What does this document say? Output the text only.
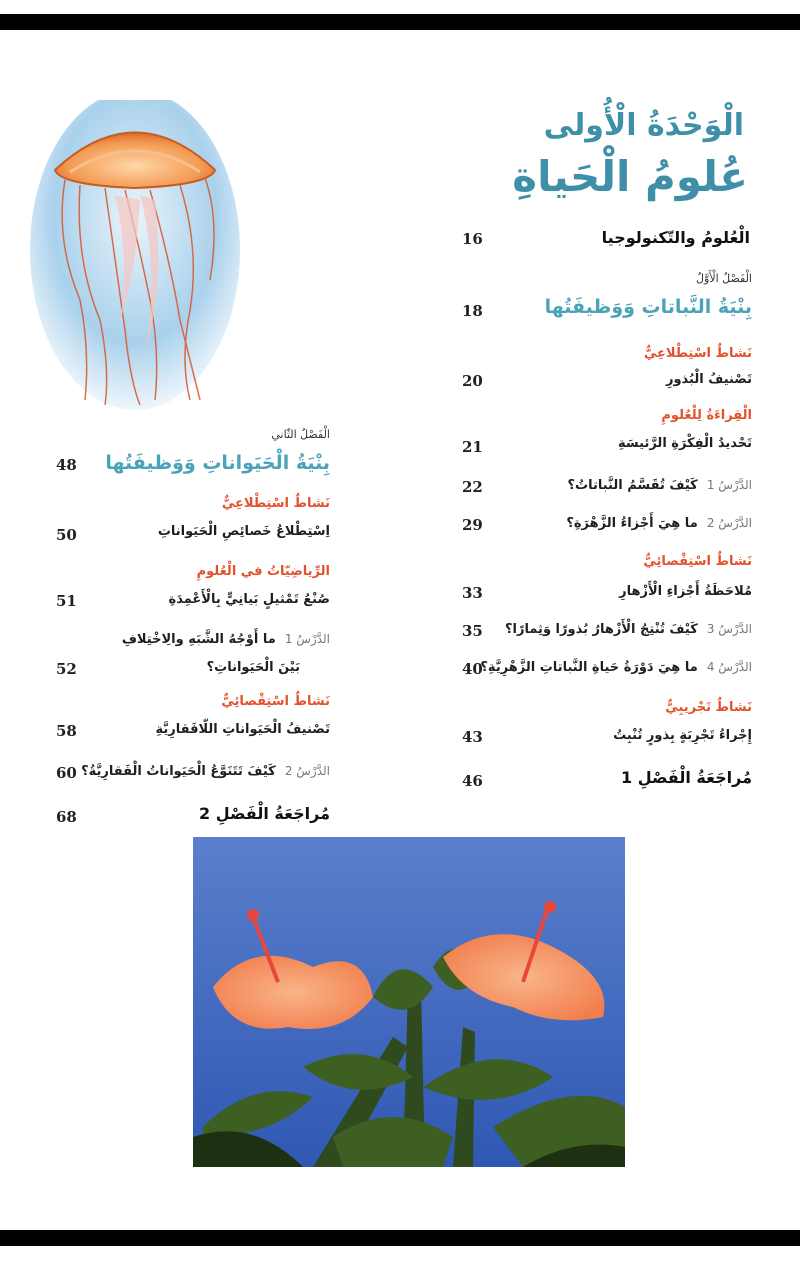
الْوَحْدَةُ الْأُولى
عُلومُ الْحَياةِ
الْعُلومُ والتّكنولوجيا
16
الْفَصْلُ الْأَوَّلُ
بِنْيَةُ النَّباتاتِ وَوَظيفَتُها
18
نَشاطٌ اسْتِطْلاعِيٌّ
تَصْنيفُ الْبُذورِ
20
الْقِراءَةُ لِلْعُلومِ
تَحْديدُ الْفِكْرَةِ الرَّئيسَةِ
21
الدَّرْسُ 1  كَيْفَ تُقَسَّمُ النَّباتاتُ؟
22
الدَّرْسُ 2  ما هِيَ أَجْزاءُ الزَّهْرَةِ؟
29
نَشاطٌ اسْتِقْصائِيٌّ
مُلاحَظَةُ أَجْزاءِ الْأَزْهارِ
33
الدَّرْسُ 3  كَيْفَ تُنْتِجُ الْأَزْهارُ بُذورًا وَثِمارًا؟
35
الدَّرْسُ 4  ما هِيَ دَوْرَةُ حَياةِ النَّباتاتِ الزَّهْرِيَّةِ؟
40
نَشاطٌ تَجْريبِيٌّ
إِجْراءُ تَجْرِبَةٍ بِذورٍ تُنْبِتُ
43
مُراجَعَةُ الْفَصْلِ 1
46
الْفَصْلُ الثّاني
بِنْيَةُ الْحَيَواناتِ وَوَظيفَتُها
48
نَشاطٌ اسْتِطْلاعِيٌّ
اِسْتِطْلاعُ خَصائِصِ الْحَيَواناتِ
50
الرِّياضِيّاتُ في الْعُلومِ
صُنْعُ تَمْثيلٍ بَيانِيٍّ بِالْأَعْمِدَةِ
51
الدَّرْسُ 1  ما أَوْجُهُ الشَّبَهِ والِاخْتِلافِ
بَيْنَ الْحَيَواناتِ؟
52
نَشاطٌ اسْتِقْصائِيٌّ
تَصْنيفُ الْحَيَواناتِ اللّافَقارِيَّةِ
58
الدَّرْسُ 2  كَيْفَ تَتَنَوَّعُ الْحَيَواناتُ الْفَقارِيَّةُ؟
60
مُراجَعَةُ الْفَصْلِ 2
68
